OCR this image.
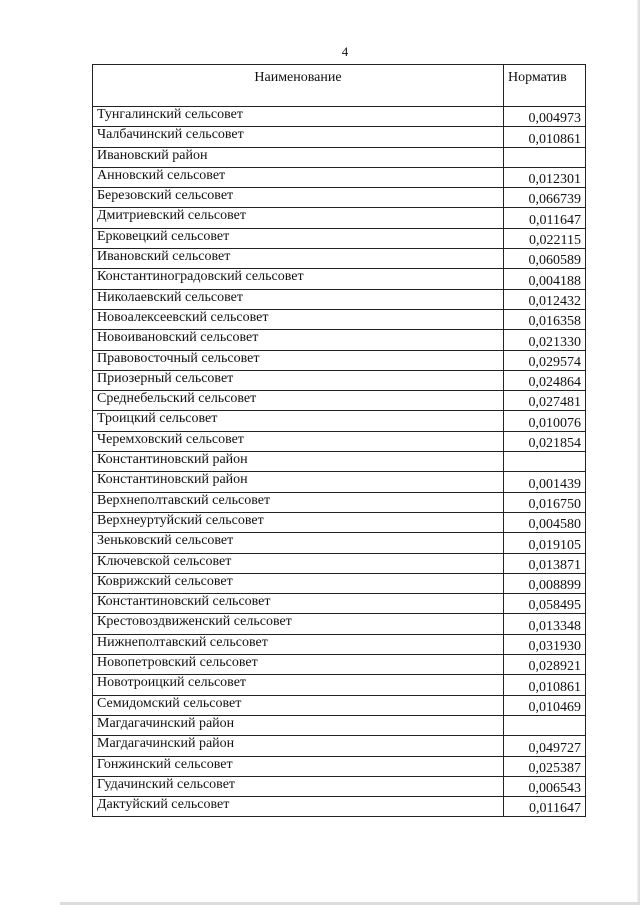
4
Наименование	Норматив
Тунгалинский сельсовет	0,004973
Чалбачинский сельсовет	0,010861
Ивановский район	
Анновский сельсовет	0,012301
Березовский сельсовет	0,066739
Дмитриевский сельсовет	0,011647
Ерковецкий сельсовет	0,022115
Ивановский сельсовет	0,060589
Константиноградовский сельсовет	0,004188
Николаевский сельсовет	0,012432
Новоалексеевский сельсовет	0,016358
Новоивановский сельсовет	0,021330
Правовосточный сельсовет	0,029574
Приозерный сельсовет	0,024864
Среднебельский сельсовет	0,027481
Троицкий сельсовет	0,010076
Черемховский сельсовет	0,021854
Константиновский район	
Константиновский район	0,001439
Верхнеполтавский сельсовет	0,016750
Верхнеуртуйский сельсовет	0,004580
Зеньковский сельсовет	0,019105
Ключевской сельсовет	0,013871
Коврижский сельсовет	0,008899
Константиновский сельсовет	0,058495
Крестовоздвиженский сельсовет	0,013348
Нижнеполтавский сельсовет	0,031930
Новопетровский сельсовет	0,028921
Новотроицкий сельсовет	0,010861
Семидомский сельсовет	0,010469
Магдагачинский район	
Магдагачинский район	0,049727
Гонжинский сельсовет	0,025387
Гудачинский сельсовет	0,006543
Дактуйский сельсовет	0,011647
